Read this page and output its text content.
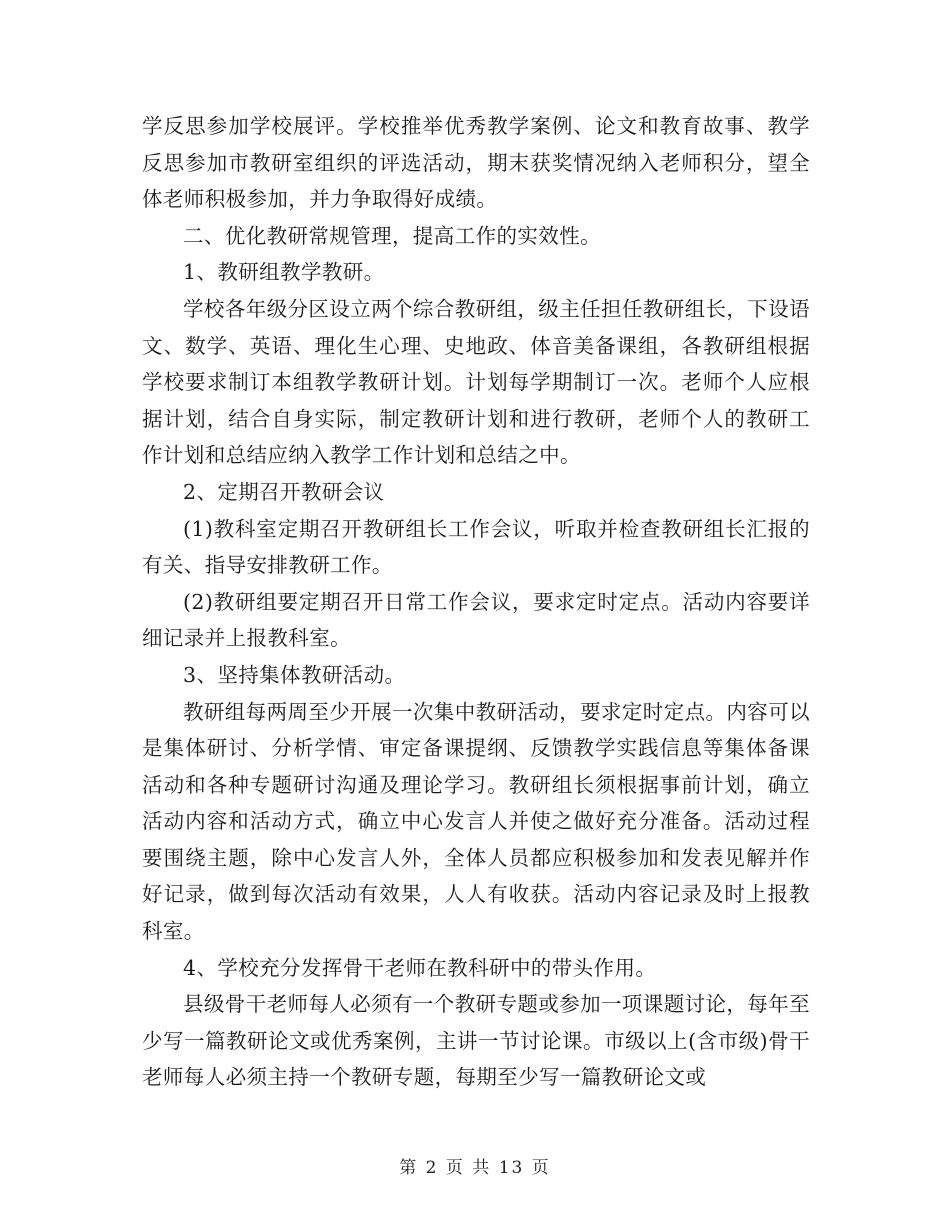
学反思参加学校展评。学校推举优秀教学案例、论文和教育故事、教学反思参加市教研室组织的评选活动，期末获奖情况纳入老师积分，望全体老师积极参加，并力争取得好成绩。

二、优化教研常规管理，提高工作的实效性。

1、教研组教学教研。

学校各年级分区设立两个综合教研组，级主任担任教研组长，下设语文、数学、英语、理化生心理、史地政、体音美备课组，各教研组根据学校要求制订本组教学教研计划。计划每学期制订一次。老师个人应根据计划，结合自身实际，制定教研计划和进行教研，老师个人的教研工作计划和总结应纳入教学工作计划和总结之中。

2、定期召开教研会议

(1)教科室定期召开教研组长工作会议，听取并检查教研组长汇报的有关、指导安排教研工作。

(2)教研组要定期召开日常工作会议，要求定时定点。活动内容要详细记录并上报教科室。

3、坚持集体教研活动。

教研组每两周至少开展一次集中教研活动，要求定时定点。内容可以是集体研讨、分析学情、审定备课提纲、反馈教学实践信息等集体备课活动和各种专题研讨沟通及理论学习。教研组长须根据事前计划，确立活动内容和活动方式，确立中心发言人并使之做好充分准备。活动过程要围绕主题，除中心发言人外，全体人员都应积极参加和发表见解并作好记录，做到每次活动有效果，人人有收获。活动内容记录及时上报教科室。

4、学校充分发挥骨干老师在教科研中的带头作用。

县级骨干老师每人必须有一个教研专题或参加一项课题讨论，每年至少写一篇教研论文或优秀案例，主讲一节讨论课。市级以上(含市级)骨干老师每人必须主持一个教研专题，每期至少写一篇教研论文或

第 2 页 共 13 页
